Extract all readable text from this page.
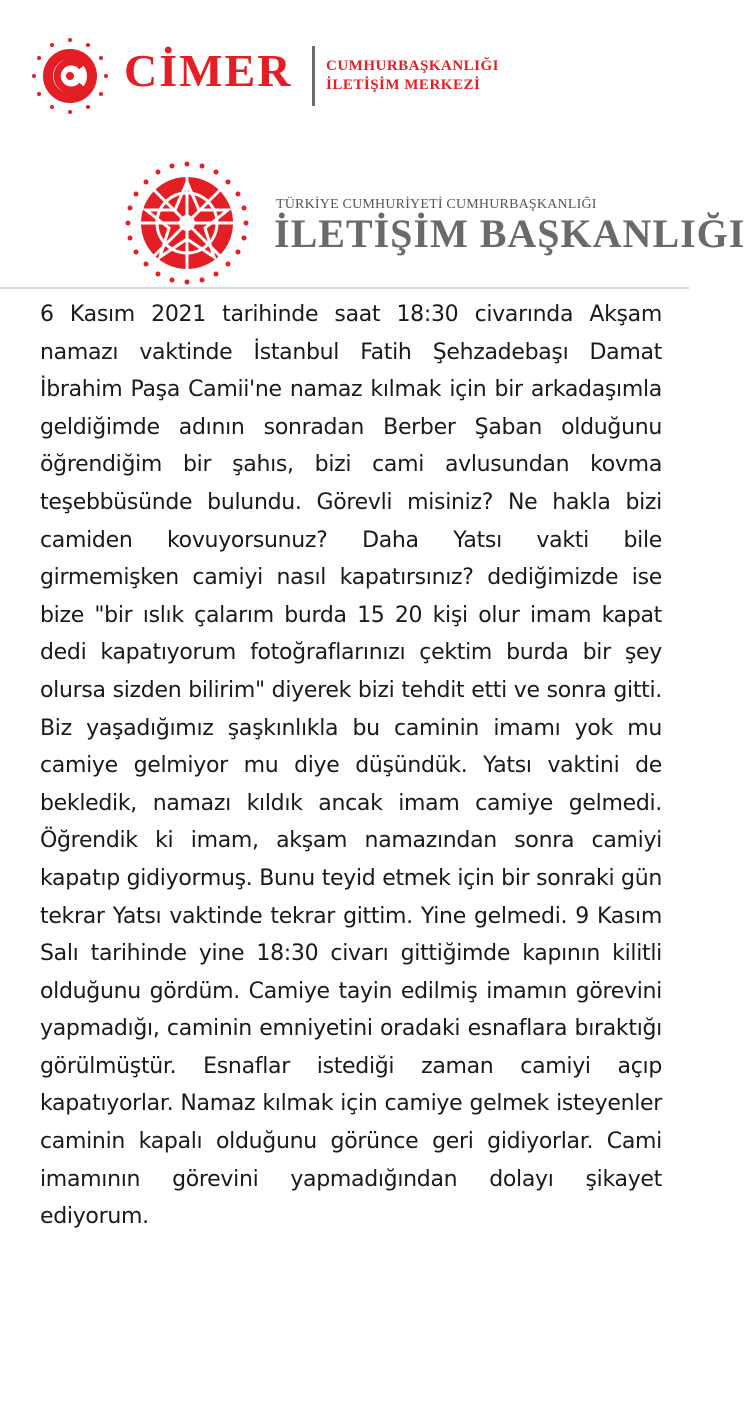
CİMER CUMHURBAŞKANLIĞI
İLETİŞİM MERKEZİ
TÜRKİYE CUMHURİYETİ CUMHURBAŞKANLIĞI
İLETİŞİM BAŞKANLIĞI

6 Kasım 2021 tarihinde saat 18:30 civarında Akşam namazı vaktinde İstanbul Fatih Şehzadebaşı Damat İbrahim Paşa Camii'ne namaz kılmak için bir arkadaşımla geldiğimde adının sonradan Berber Şaban olduğunu öğrendiğim bir şahıs, bizi cami avlusundan kovma teşebbüsünde bulundu. Görevli misiniz? Ne hakla bizi camiden kovuyorsunuz? Daha Yatsı vakti bile girmemişken camiyi nasıl kapatırsınız? dediğimizde ise bize "bir ıslık çalarım burda 15 20 kişi olur imam kapat dedi kapatıyorum fotoğraflarınızı çektim burda bir şey olursa sizden bilirim" diyerek bizi tehdit etti ve sonra gitti. Biz yaşadığımız şaşkınlıkla bu caminin imamı yok mu camiye gelmiyor mu diye düşündük. Yatsı vaktini de bekledik, namazı kıldık ancak imam camiye gelmedi. Öğrendik ki imam, akşam namazından sonra camiyi kapatıp gidiyormuş. Bunu teyid etmek için bir sonraki gün tekrar Yatsı vaktinde tekrar gittim. Yine gelmedi. 9 Kasım Salı tarihinde yine 18:30 civarı gittiğimde kapının kilitli olduğunu gördüm. Camiye tayin edilmiş imamın görevini yapmadığı, caminin emniyetini oradaki esnaflara bıraktığı görülmüştür. Esnaflar istediği zaman camiyi açıp kapatıyorlar. Namaz kılmak için camiye gelmek isteyenler caminin kapalı olduğunu görünce geri gidiyorlar. Cami imamının görevini yapmadığından dolayı şikayet ediyorum.
